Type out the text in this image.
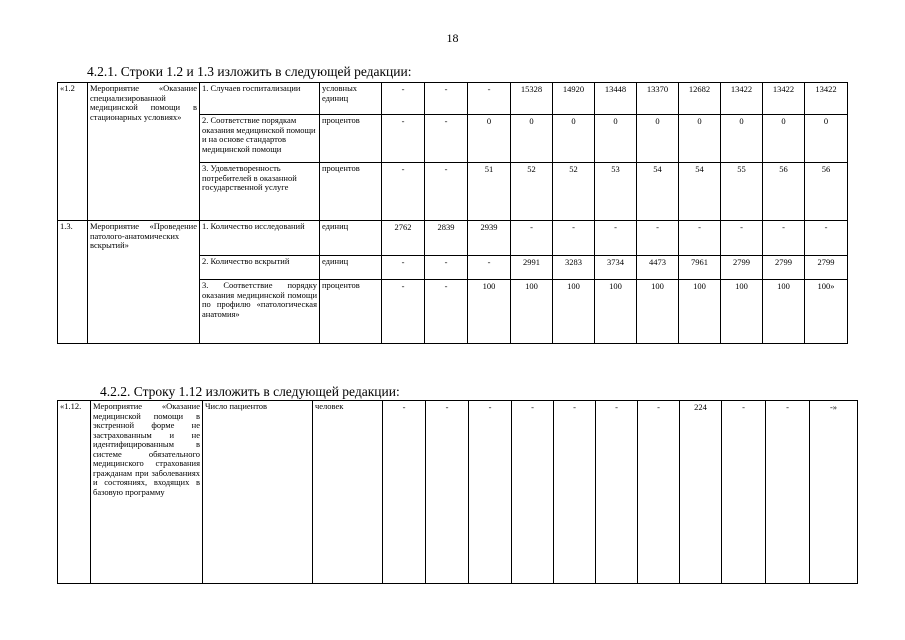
18
4.2.1. Строки 1.2 и 1.3 изложить в следующей редакции:
«1.2	Мероприятие «Оказание специализированной медицинской помощи в стационарных условиях»	1. Случаев госпитализации	условных единиц	-	-	-	15328	14920	13448	13370	12682	13422	13422	13422
		2. Соответствие порядкам оказания медицинской помощи и на основе стандартов медицинской помощи	процентов	-	-	0	0	0	0	0	0	0	0	0
		3. Удовлетворенность потребителей в оказанной государственной услуге	процентов	-	-	51	52	52	53	54	54	55	56	56
1.3.	Мероприятие «Проведение патолого-анатомических вскрытий»	1. Количество исследований	единиц	2762	2839	2939	-	-	-	-	-	-	-	-
		2. Количество вскрытий	единиц	-	-	-	2991	3283	3734	4473	7961	2799	2799	2799
		3. Соответствие порядку оказания медицинской помощи по профилю «патологическая анатомия»	процентов	-	-	100	100	100	100	100	100	100	100	100»
4.2.2. Строку 1.12 изложить в следующей редакции:
«1.12.	Мероприятие «Оказание медицинской помощи в экстренной форме не застрахованным и не идентифицированным в системе обязательного медицинского страхования гражданам при заболеваниях и состояниях, входящих в базовую программу	Число пациентов	человек	-	-	-	-	-	-	-	224	-	-	-»
